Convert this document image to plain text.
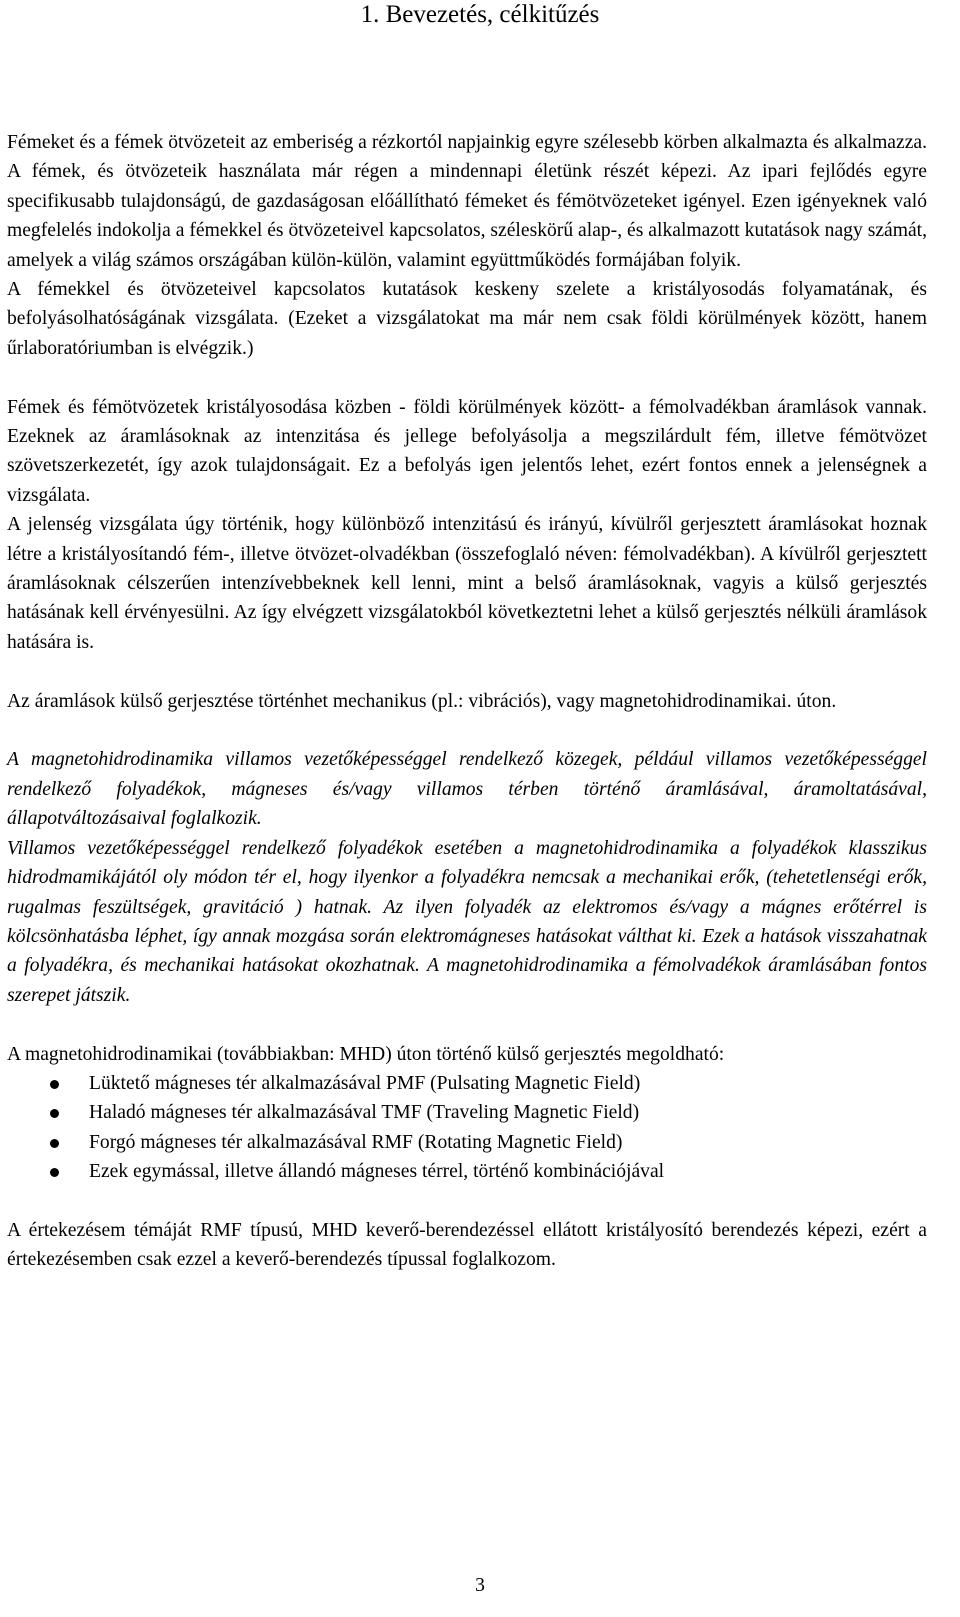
1. Bevezetés, célkitűzés

Fémeket és a fémek ötvözeteit az emberiség a rézkortól napjainkig egyre szélesebb körben alkalmazta és alkalmazza. A fémek, és ötvözeteik használata már régen a mindennapi életünk részét képezi. Az ipari fejlődés egyre specifikusabb tulajdonságú, de gazdaságosan előállítható fémeket és fémötvözeteket igényel. Ezen igényeknek való megfelelés indokolja a fémekkel és ötvözeteivel kapcsolatos, széleskörű alap-, és alkalmazott kutatások nagy számát, amelyek a világ számos országában külön-külön, valamint együttműködés formájában folyik.

A fémekkel és ötvözeteivel kapcsolatos kutatások keskeny szelete a kristályosodás folyamatának, és befolyásolhatóságának vizsgálata. (Ezeket a vizsgálatokat ma már nem csak földi körülmények között, hanem űrlaboratóriumban is elvégzik.)

Fémek és fémötvözetek kristályosodása közben - földi körülmények között- a fémolvadékban áramlások vannak. Ezeknek az áramlásoknak az intenzitása és jellege befolyásolja a megszilárdult fém, illetve fémötvözet szövetszerkezetét, így azok tulajdonságait. Ez a befolyás igen jelentős lehet, ezért fontos ennek a jelenségnek a vizsgálata.

A jelenség vizsgálata úgy történik, hogy különböző intenzitású és irányú, kívülről gerjesztett áramlásokat hoznak létre a kristályosítandó fém-, illetve ötvözet-olvadékban (összefoglaló néven: fémolvadékban). A kívülről gerjesztett áramlásoknak célszerűen intenzívebbeknek kell lenni, mint a belső áramlásoknak, vagyis a külső gerjesztés hatásának kell érvényesülni. Az így elvégzett vizsgálatokból következtetni lehet a külső gerjesztés nélküli áramlások hatására is.

Az áramlások külső gerjesztése történhet mechanikus (pl.: vibrációs), vagy magnetohidrodinamikai. úton.

A magnetohidrodinamika villamos vezetőképességgel rendelkező közegek, például villamos vezetőképességgel rendelkező folyadékok, mágneses és/vagy villamos térben történő áramlásával, áramoltatásával, állapotváltozásaival foglalkozik.

Villamos vezetőképességgel rendelkező folyadékok esetében a magnetohidrodinamika a folyadékok klasszikus hidrodmamikájától oly módon tér el, hogy ilyenkor a folyadékra nemcsak a mechanikai erők, (tehetetlenségi erők, rugalmas feszültségek, gravitáció ) hatnak. Az ilyen folyadék az elektromos és/vagy a mágnes erőtérrel is kölcsönhatásba léphet, így annak mozgása során elektromágneses hatásokat válthat ki. Ezek a hatások visszahatnak a folyadékra, és mechanikai hatásokat okozhatnak. A magnetohidrodinamika a fémolvadékok áramlásában fontos szerepet játszik.

A magnetohidrodinamikai (továbbiakban: MHD) úton történő külső gerjesztés megoldható:

Lüktető mágneses tér alkalmazásával PMF (Pulsating Magnetic Field)
Haladó mágneses tér alkalmazásával TMF (Traveling Magnetic Field)
Forgó mágneses tér alkalmazásával RMF (Rotating Magnetic Field)
Ezek egymással, illetve állandó mágneses térrel, történő kombinációjával

A értekezésem témáját RMF típusú, MHD keverő-berendezéssel ellátott kristályosító berendezés képezi, ezért a értekezésemben csak ezzel a keverő-berendezés típussal foglalkozom.

3
